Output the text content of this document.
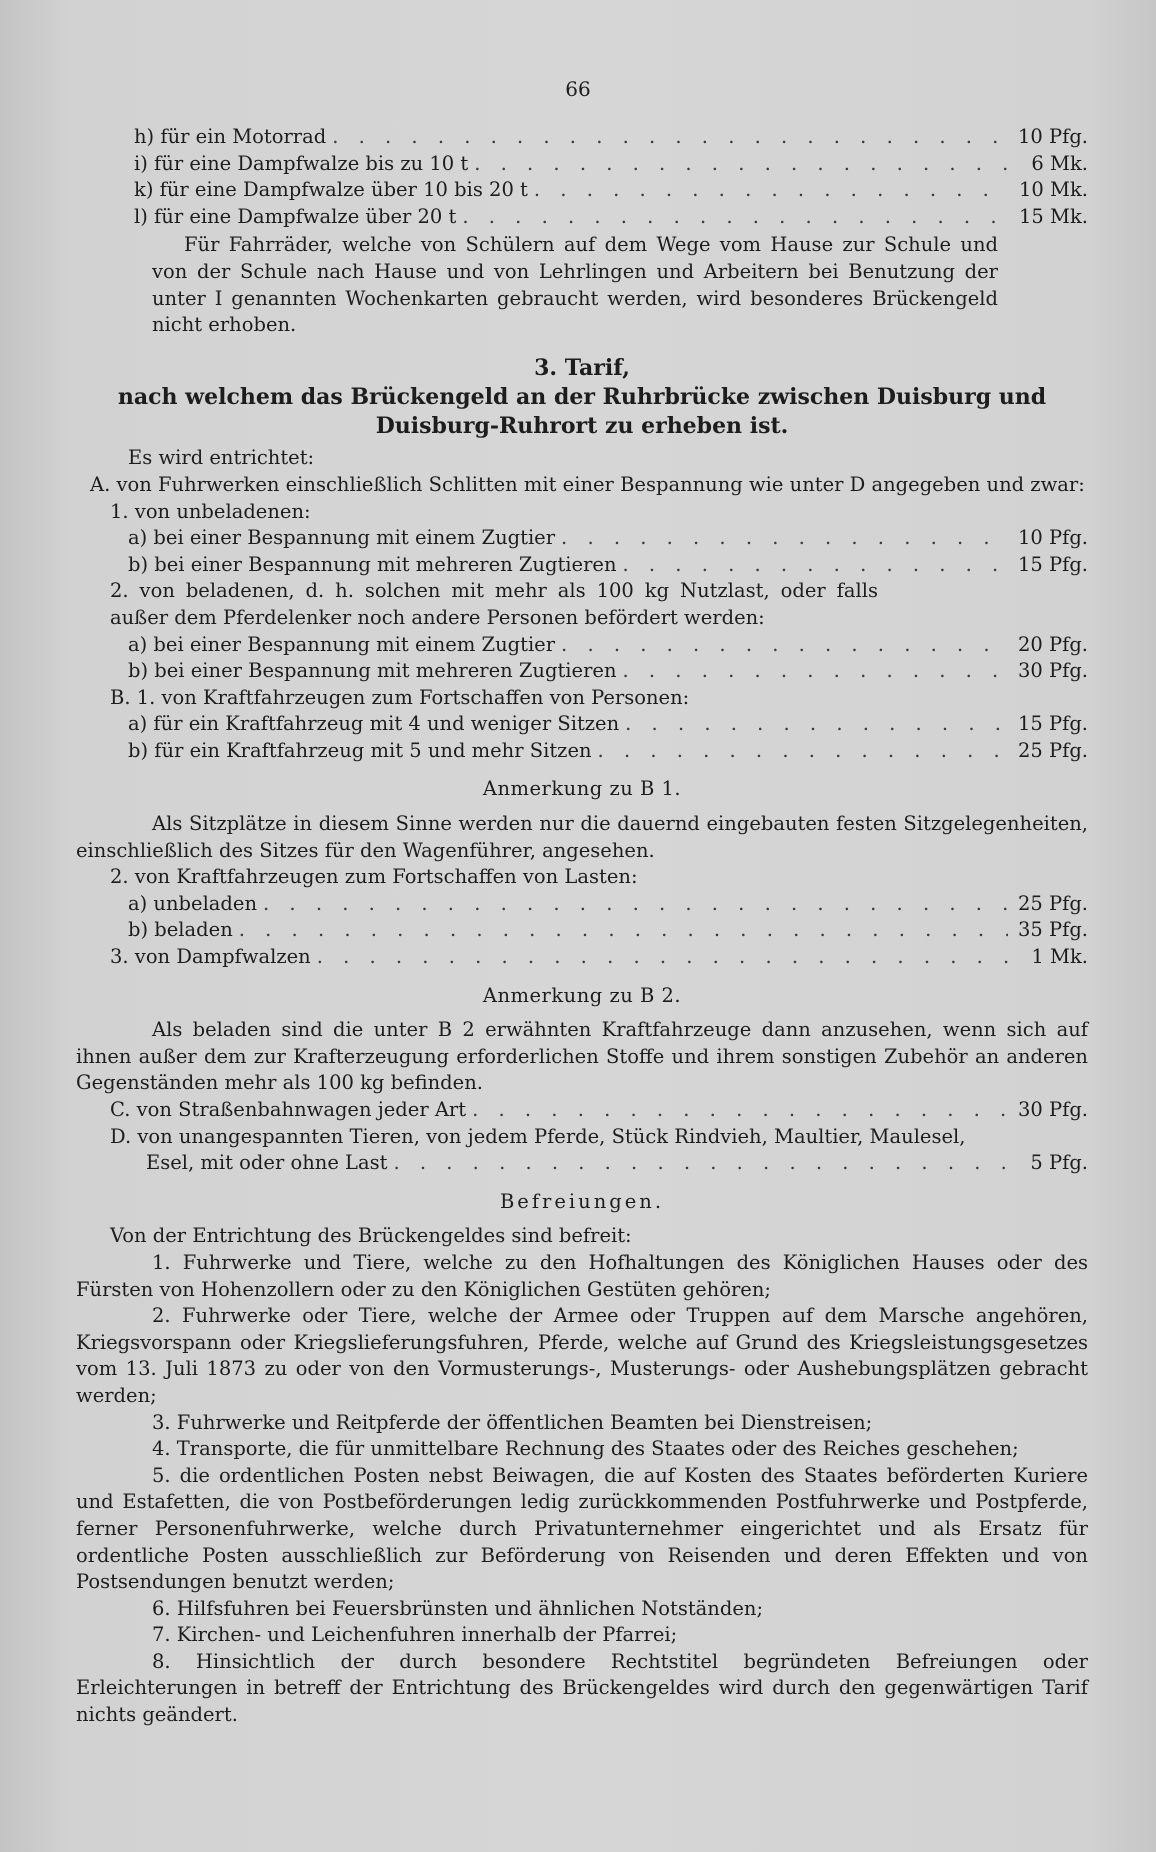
66
h) für ein Motorrad . . .	10 Pfg.
i) für eine Dampfwalze bis zu 10 t . . .	6 Mk.
k) für eine Dampfwalze über 10 bis 20 t . . .	10 Mk.
l) für eine Dampfwalze über 20 t . . .	15 Mk.

Für Fahrräder, welche von Schülern auf dem Wege vom Hause zur Schule und von der Schule nach Hause und von Lehrlingen und Arbeitern bei Benutzung der unter I genannten Wochenkarten gebraucht werden, wird besonderes Brückengeld nicht erhoben.

3. Tarif,
nach welchem das Brückengeld an der Ruhrbrücke zwischen Duisburg und Duisburg-Ruhrort zu erheben ist.
Es wird entrichtet:

A. von Fuhrwerken einschließlich Schlitten mit einer Bespannung wie unter D angegeben und zwar:

1. von unbeladenen:
a) bei einer Bespannung mit einem Zugtier . . .	10 Pfg.
b) bei einer Bespannung mit mehreren Zugtieren . . .	15 Pfg.

2. von beladenen, d. h. solchen mit mehr als 100 kg Nutzlast, oder falls außer dem Pferdelenker noch andere Personen befördert werden:

a) bei einer Bespannung mit einem Zugtier . . .	20 Pfg.
b) bei einer Bespannung mit mehreren Zugtieren . . .	30 Pfg.
B. 1. von Kraftfahrzeugen zum Fortschaffen von Personen:
a) für ein Kraftfahrzeug mit 4 und weniger Sitzen . . .	15 Pfg.
b) für ein Kraftfahrzeug mit 5 und mehr Sitzen . . .	25 Pfg.
Anmerkung zu B 1.

Als Sitzplätze in diesem Sinne werden nur die dauernd eingebauten festen Sitzgelegenheiten, einschließlich des Sitzes für den Wagenführer, angesehen.

2. von Kraftfahrzeugen zum Fortschaffen von Lasten:
a) unbeladen . . .	25 Pfg.
b) beladen . . .	35 Pfg.
3. von Dampfwalzen . . .	1 Mk.
Anmerkung zu B 2.

Als beladen sind die unter B 2 erwähnten Kraftfahrzeuge dann anzusehen, wenn sich auf ihnen außer dem zur Krafterzeugung erforderlichen Stoffe und ihrem sonstigen Zubehör an anderen Gegenständen mehr als 100 kg befinden.

C. von Straßenbahnwagen jeder Art . . .	30 Pfg.
D. von unangespannten Tieren, von jedem Pferde, Stück Rindvieh, Maultier, Maulesel,
Esel, mit oder ohne Last . . .	5 Pfg.
Befreiungen.
Von der Entrichtung des Brückengeldes sind befreit:

1. Fuhrwerke und Tiere, welche zu den Hofhaltungen des Königlichen Hauses oder des Fürsten von Hohenzollern oder zu den Königlichen Gestüten gehören;

2. Fuhrwerke oder Tiere, welche der Armee oder Truppen auf dem Marsche angehören, Kriegsvorspann oder Kriegslieferungsfuhren, Pferde, welche auf Grund des Kriegsleistungsgesetzes vom 13. Juli 1873 zu oder von den Vormusterungs-, Musterungs- oder Aushebungsplätzen gebracht werden;

3. Fuhrwerke und Reitpferde der öffentlichen Beamten bei Dienstreisen;

4. Transporte, die für unmittelbare Rechnung des Staates oder des Reiches geschehen;

5. die ordentlichen Posten nebst Beiwagen, die auf Kosten des Staates beförderten Kuriere und Estafetten, die von Postbeförderungen ledig zurückkommenden Postfuhrwerke und Postpferde, ferner Personenfuhrwerke, welche durch Privatunternehmer eingerichtet und als Ersatz für ordentliche Posten ausschließlich zur Beförderung von Reisenden und deren Effekten und von Postsendungen benutzt werden;

6. Hilfsfuhren bei Feuersbrünsten und ähnlichen Notständen;

7. Kirchen- und Leichenfuhren innerhalb der Pfarrei;

8. Hinsichtlich der durch besondere Rechtstitel begründeten Befreiungen oder Erleichterungen in betreff der Entrichtung des Brückengeldes wird durch den gegenwärtigen Tarif nichts geändert.
